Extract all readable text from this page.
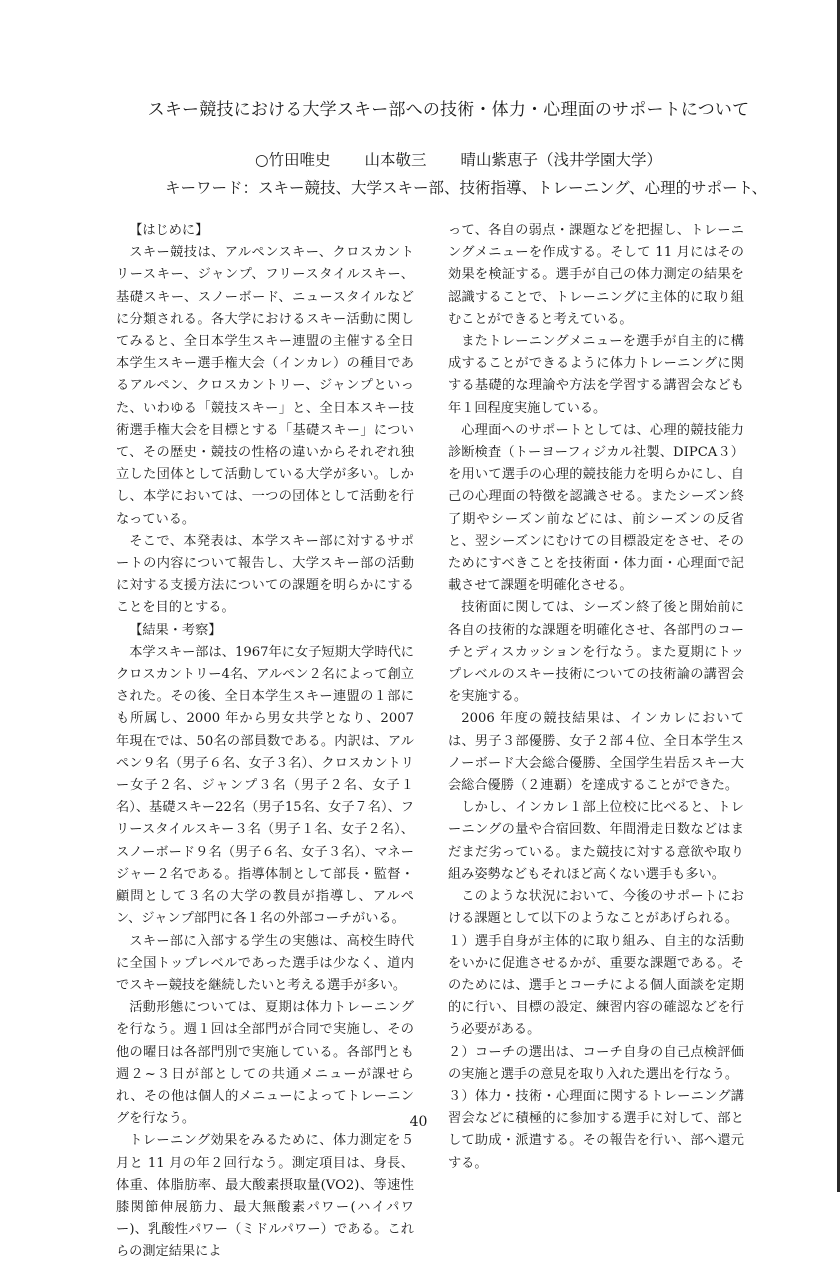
スキー競技における大学スキー部への技術・体力・心理面のサポートについて
○竹田唯史 山本敬三 晴山紫恵子（浅井学園大学）
キーワード：スキー競技、大学スキー部、技術指導、トレーニング、心理的サポート、

【はじめに】

スキー競技は、アルペンスキー、クロスカントリースキー、ジャンプ、フリースタイルスキー、基礎スキー、スノーボード、ニュースタイルなどに分類される。各大学におけるスキー活動に関してみると、全日本学生スキー連盟の主催する全日本学生スキー選手権大会（インカレ）の種目であるアルペン、クロスカントリー、ジャンプといった、いわゆる「競技スキー」と、全日本スキー技術選手権大会を目標とする「基礎スキー」について、その歴史・競技の性格の違いからそれぞれ独立した団体として活動している大学が多い。しかし、本学においては、一つの団体として活動を行なっている。

そこで、本発表は、本学スキー部に対するサポートの内容について報告し、大学スキー部の活動に対する支援方法についての課題を明らかにすることを目的とする。

【結果・考察】

本学スキー部は、1967年に女子短期大学時代にクロスカントリー4名、アルペン２名によって創立された。その後、全日本学生スキー連盟の１部にも所属し、2000 年から男女共学となり、2007 年現在では、50名の部員数である。内訳は、アルペン９名（男子６名、女子３名）、クロスカントリー女子２名、ジャンプ３名（男子２名、女子１名）、基礎スキー22名（男子15名、女子７名）、フリースタイルスキー３名（男子１名、女子２名）、スノーボード９名（男子６名、女子３名）、マネージャー２名である。指導体制として部長・監督・顧問として３名の大学の教員が指導し、アルペン、ジャンプ部門に各１名の外部コーチがいる。

スキー部に入部する学生の実態は、高校生時代に全国トップレベルであった選手は少なく、道内でスキー競技を継続したいと考える選手が多い。

活動形態については、夏期は体力トレーニングを行なう。週１回は全部門が合同で実施し、その他の曜日は各部門別で実施している。各部門とも週２~３日が部としての共通メニューが課せられ、その他は個人的メニューによってトレーニングを行なう。

トレーニング効果をみるために、体力測定を５月と 11 月の年２回行なう。測定項目は、身長、体重、体脂肪率、最大酸素摂取量(VO2)、等速性膝関節伸展筋力、最大無酸素パワー(ハイパワー)、乳酸性パワー（ミドルパワー）である。これらの測定結果によ

って、各自の弱点・課題などを把握し、トレーニングメニューを作成する。そして 11 月にはその効果を検証する。選手が自己の体力測定の結果を認識することで、トレーニングに主体的に取り組むことができると考えている。

またトレーニングメニューを選手が自主的に構成することができるように体力トレーニングに関する基礎的な理論や方法を学習する講習会なども年１回程度実施している。

心理面へのサポートとしては、心理的競技能力診断検査（トーヨーフィジカル社製、DIPCA３）を用いて選手の心理的競技能力を明らかにし、自己の心理面の特徴を認識させる。またシーズン終了期やシーズン前などには、前シーズンの反省と、翌シーズンにむけての目標設定をさせ、そのためにすべきことを技術面・体力面・心理面で記載させて課題を明確化させる。

技術面に関しては、シーズン終了後と開始前に各自の技術的な課題を明確化させ、各部門のコーチとディスカッションを行なう。また夏期にトップレベルのスキー技術についての技術論の講習会を実施する。

2006 年度の競技結果は、インカレにおいては、男子３部優勝、女子２部４位、全日本学生スノーボード大会総合優勝、全国学生岩岳スキー大会総合優勝（２連覇）を達成することができた。

しかし、インカレ１部上位校に比べると、トレーニングの量や合宿回数、年間滑走日数などはまだまだ劣っている。また競技に対する意欲や取り組み姿勢などもそれほど高くない選手も多い。

このような状況において、今後のサポートにおける課題として以下のようなことがあげられる。

１）選手自身が主体的に取り組み、自主的な活動をいかに促進させるかが、重要な課題である。そのためには、選手とコーチによる個人面談を定期的に行い、目標の設定、練習内容の確認などを行う必要がある。

２）コーチの選出は、コーチ自身の自己点検評価の実施と選手の意見を取り入れた選出を行なう。

３）体力・技術・心理面に関するトレーニング講習会などに積極的に参加する選手に対して、部として助成・派遣する。その報告を行い、部へ還元する。

40
